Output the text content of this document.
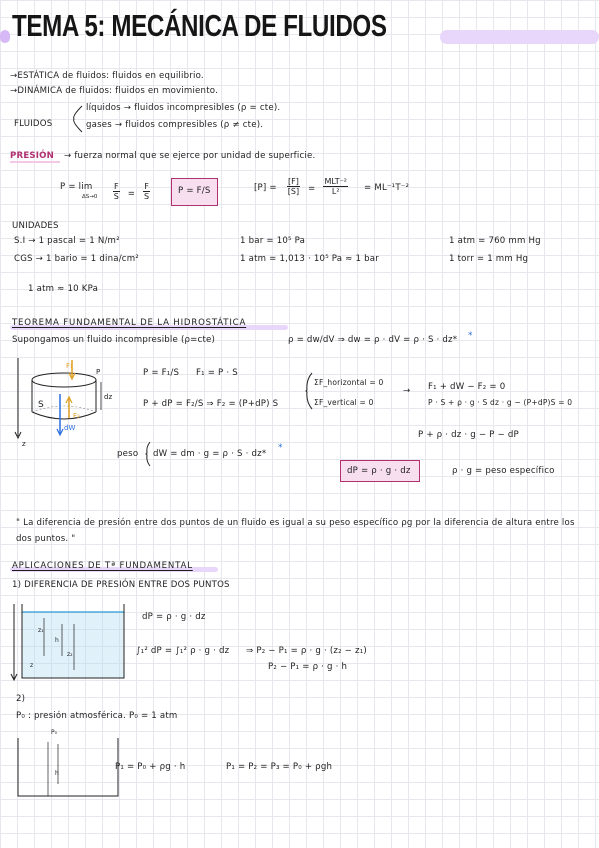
TEMA 5: MECÁNICA DE FLUIDOS
→ESTÁTICA de fluidos: fluidos en equilibrio.
→DINÁMICA de fluidos: fluidos en movimiento.
FLUIDOS
líquidos → fluidos incompresibles (ρ = cte).
gases → fluidos compresibles (ρ ≠ cte).
PRESIÓN → fuerza normal que se ejerce por unidad de superficie.
P = lim
$\Delta S\to 0 \frac{F}{S} = \frac{F}{S}$	P = F/S	$[P] = \frac{[F]}{[S]} = \frac{\text{MLT⁻²}}{\text{L²}} = ML^{-1}T^{-2}$
UNIDADES
S.I → 1 pascal = 1 N/m²
CGS → 1 bario = 1 dina/cm²
1 bar = 10⁵ Pa
1 atm = 1,013 · 10⁵ Pa ≈ 1 bar
1 atm = 760 mm Hg
1 torr = 1 mm Hg
1 atm ≈ 10 KPa
TEOREMA FUNDAMENTAL DE LA HIDROSTÁTICA
Supongamos un fluido incompresible (ρ=cte)	ρ = dw/dV ⇒ dw = ρ · dV = ρ · S · dz* *
F₁
P
S
dz
F₂
dW
z
P = F₁/S F₁ = P · S
P + dP = F₂/S ⇒ F₂ = (P+dP) S
ΣF_horizontal = 0
ΣF_vertical = 0
→ F₁ + dW − F₂ = 0
P · S + ρ · g · S dz · g − (P+dP)S = 0
P + ρ · dz · g − P − dP
peso dW = dm · g = ρ · S · dz*
*
dP = ρ · g · dz	ρ · g = peso específico
" La diferencia de presión entre dos puntos de un fluido es igual a su peso específico ρg por la diferencia de altura entre los dos puntos. "
APLICACIONES DE Tª FUNDAMENTAL
1) DIFERENCIA DE PRESIÓN ENTRE DOS PUNTOS
z₁
z₂
h
z
dP = ρ · g · dz
∫₁² dP = ∫₁² ρ · g · dz ⇒ P₂ − P₁ = ρ · g · (z₂ − z₁)
P₂ − P₁ = ρ · g · h
2)
P₀ : presión atmosférica. P₀ = 1 atm
P₀
h
P₁ = P₀ + ρg · h	P₁ = P₂ = P₃ = P₀ + ρgh
